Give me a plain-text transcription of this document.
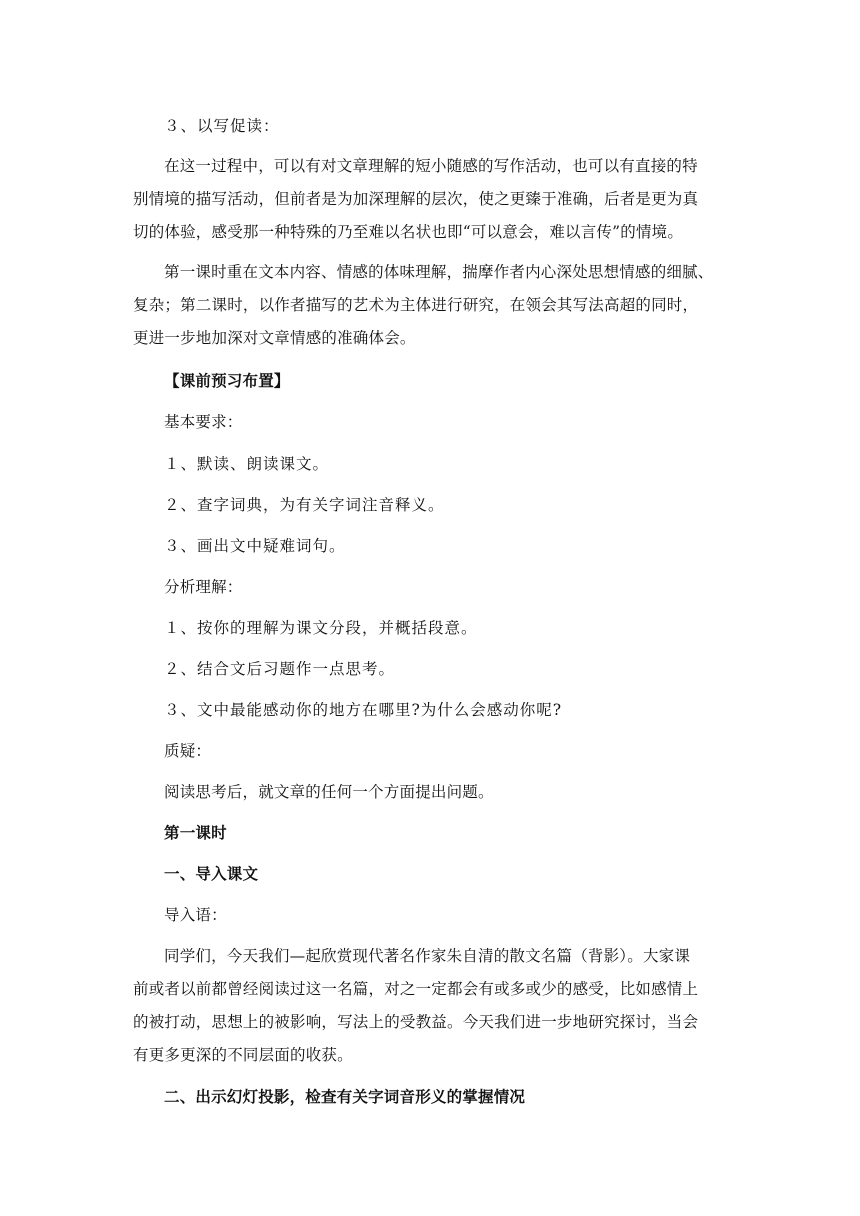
３、以写促读：
在这一过程中，可以有对文章理解的短小随感的写作活动，也可以有直接的特
别情境的描写活动，但前者是为加深理解的层次，使之更臻于准确，后者是更为真
切的体验，感受那一种特殊的乃至难以名状也即“可以意会，难以言传”的情境。
第一课时重在文本内容、情感的体味理解，揣摩作者内心深处思想情感的细腻、
复杂；第二课时，以作者描写的艺术为主体进行研究，在领会其写法高超的同时，
更进一步地加深对文章情感的准确体会。
【课前预习布置】
基本要求：
１、默读、朗读课文。
２、查字词典，为有关字词注音释义。
３、画出文中疑难词句。
分析理解：
１、按你的理解为课文分段，并概括段意。
２、结合文后习题作一点思考。
３、文中最能感动你的地方在哪里?为什么会感动你呢?
质疑：
阅读思考后，就文章的任何一个方面提出问题。
第一课时
一、导入课文
导入语：
同学们，今天我们—起欣赏现代著名作家朱自清的散文名篇（背影）。大家课
前或者以前都曾经阅读过这一名篇，对之一定都会有或多或少的感受，比如感情上
的被打动，思想上的被影响，写法上的受教益。今天我们进一步地研究探讨，当会
有更多更深的不同层面的收获。
二、出示幻灯投影，检查有关字词音形义的掌握情况
